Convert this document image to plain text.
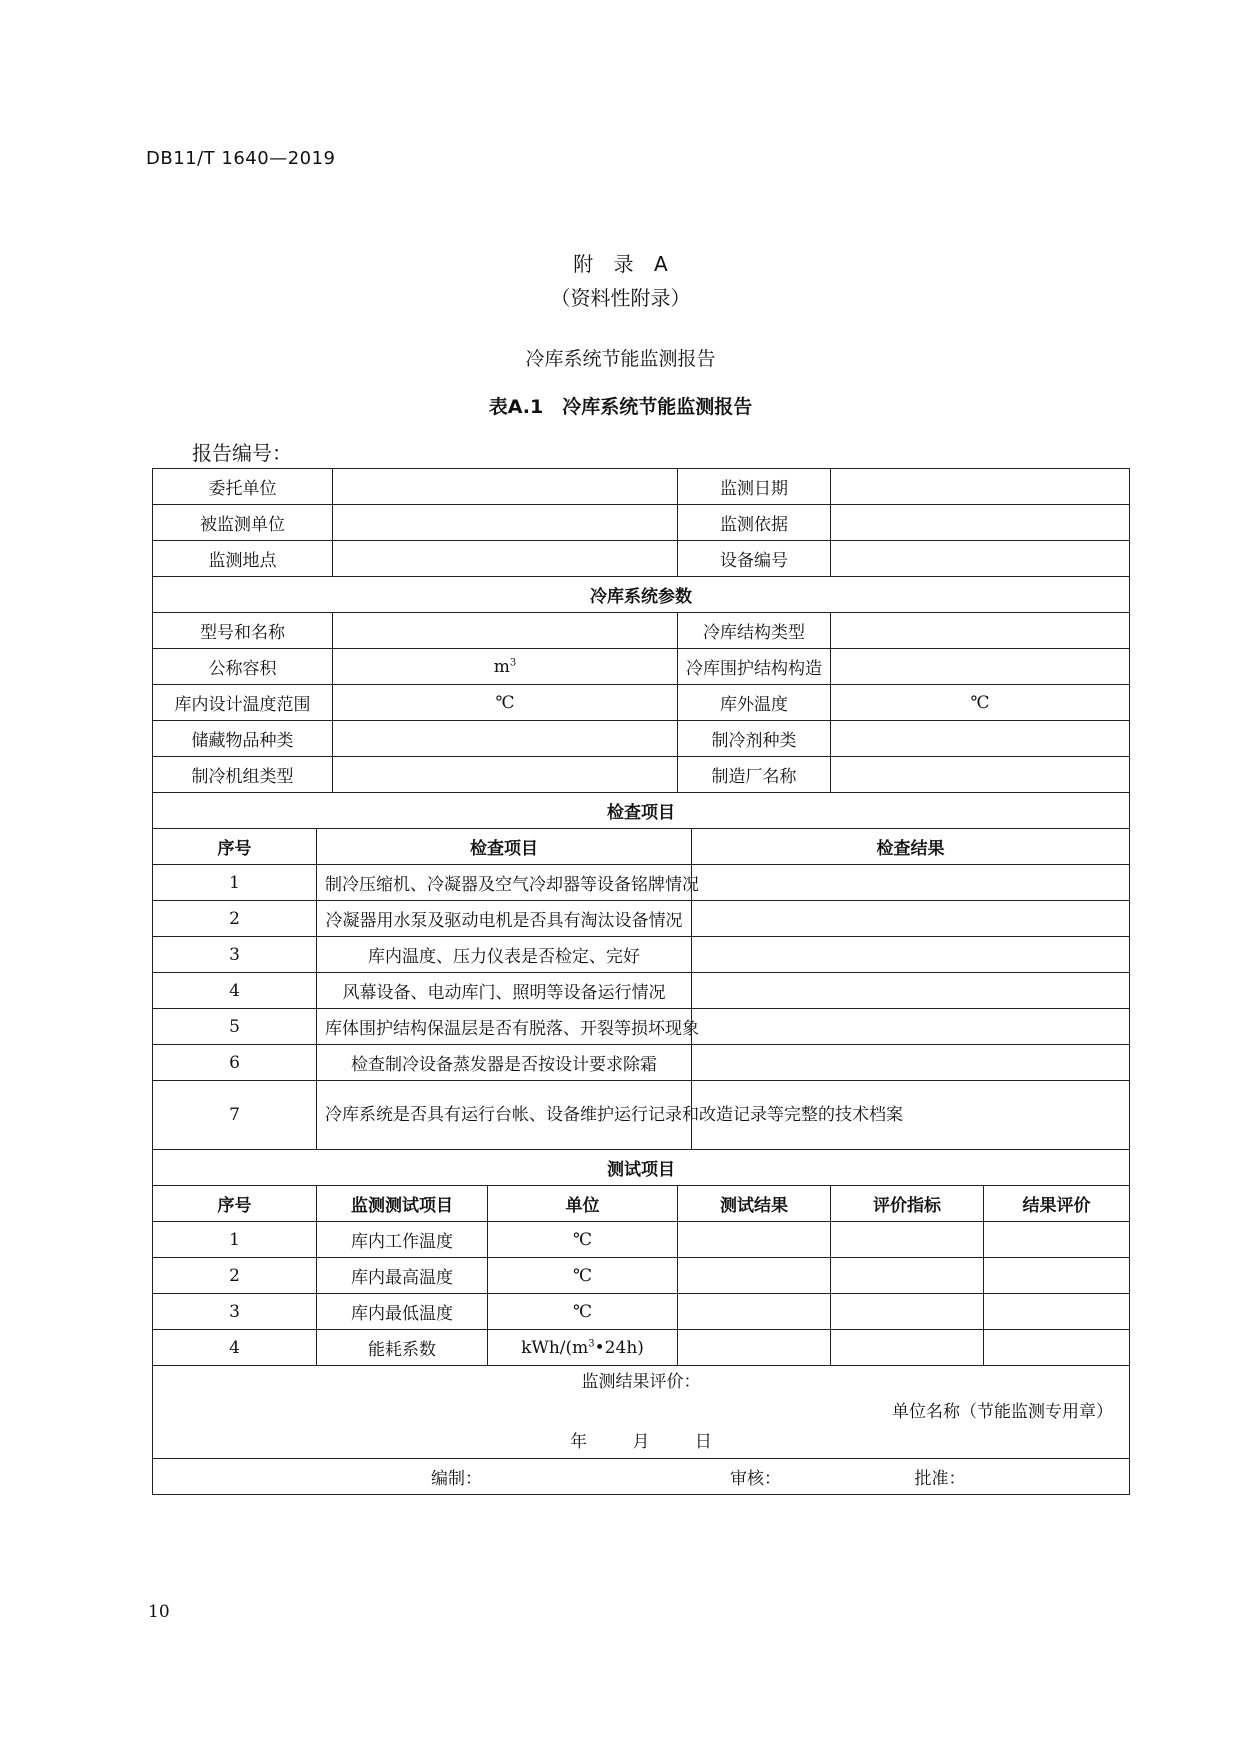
DB11/T 1640—2019
附 录 A
（资料性附录）
冷库系统节能监测报告
表A.1　冷库系统节能监测报告
报告编号：
委托单位				监测日期			
被监测单位				监测依据			
监测地点				设备编号			
冷库系统参数							
型号和名称				冷库结构类型			
公称容积		$m^3$		冷库围护结构构造			
库内设计温度范围		℃		库外温度		℃	
储藏物品种类				制冷剂种类			
制冷机组类型				制造厂名称			
检查项目							
序号	检查项目				检查结果		
1	制冷压缩机、冷凝器及空气冷却器等设备铭牌情况						
2	冷凝器用水泵及驱动电机是否具有淘汰设备情况						
3	库内温度、压力仪表是否检定、完好						
4	风幕设备、电动库门、照明等设备运行情况						
5	库体围护结构保温层是否有脱落、开裂等损坏现象						
6	检查制冷设备蒸发器是否按设计要求除霜						
7	冷库系统是否具有运行台帐、设备维护运行记录和改造记录等完整的技术档案						
测试项目							
序号	监测测试项目		单位	测试结果		评价指标	结果评价
1	库内工作温度		℃				
2	库内最高温度		℃				
3	库内最低温度		℃				
4	能耗系数		kWh/$(m^3•24h)$				

监测结果评价：
单位名称（节能监测专用章）
年 月 日							

编制： 审核： 批准：							
10
